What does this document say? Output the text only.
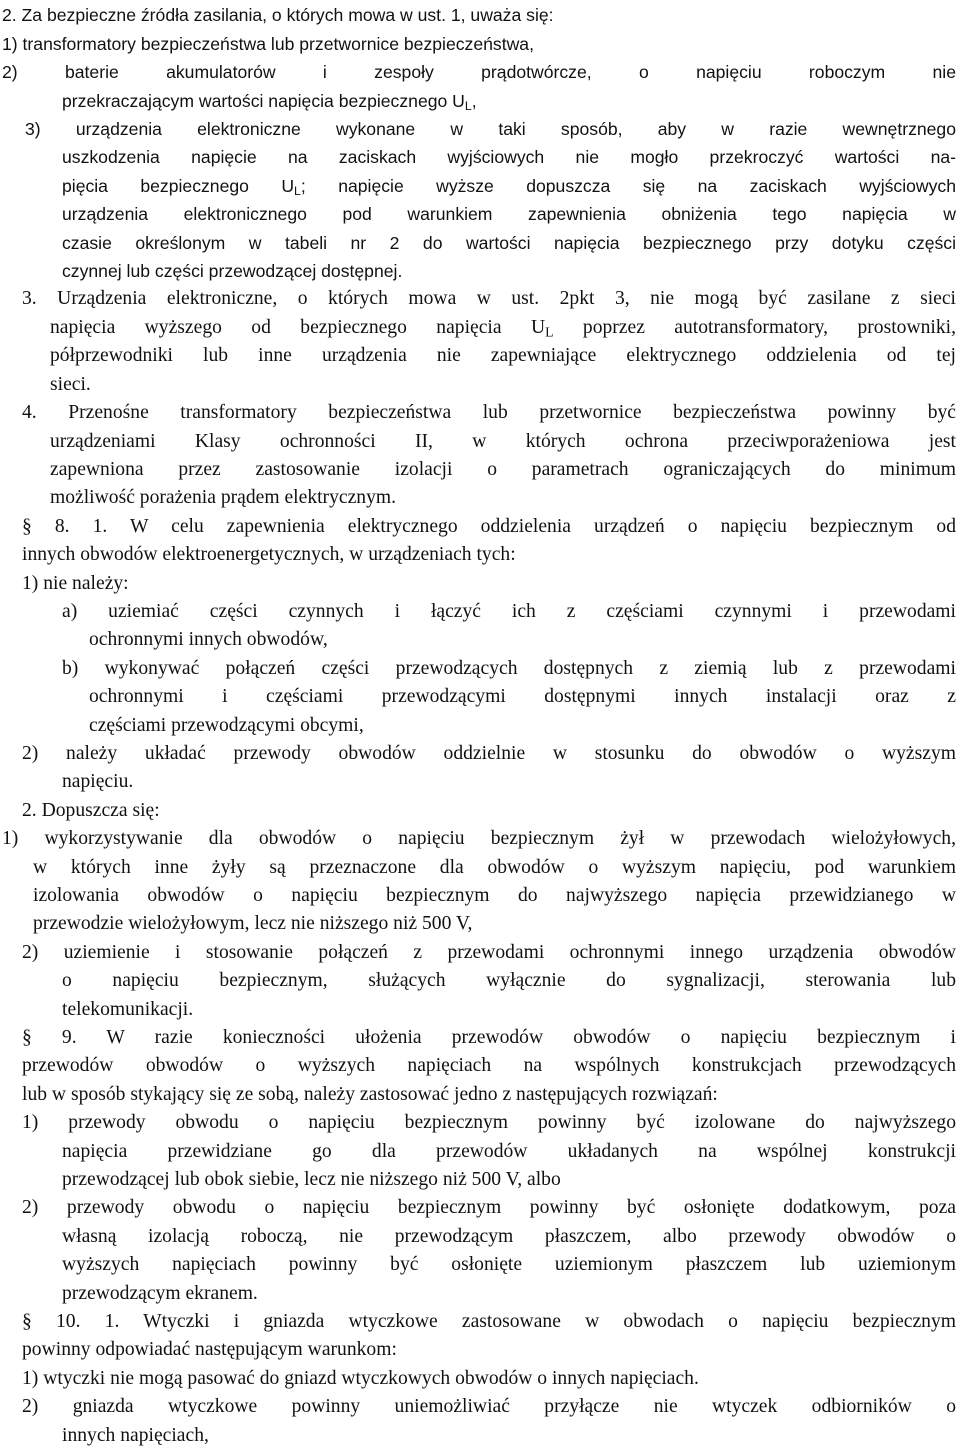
2. Za bezpieczne źródła zasilania, o których mowa w ust. 1, uważa się:
1) transformatory bezpieczeństwa lub przetwornice bezpieczeństwa,
2) baterie akumulatorów i zespoły prądotwórcze, o napięciu roboczym nie
przekraczającym wartości napięcia bezpiecznego $U_L$,
3) urządzenia elektroniczne wykonane w taki sposób, aby w razie wewnętrznego
uszkodzenia napięcie na zaciskach wyjściowych nie mogło przekroczyć wartości na-
pięcia bezpiecznego $U_L$; napięcie wyższe dopuszcza się na zaciskach wyjściowych
urządzenia elektronicznego pod warunkiem zapewnienia obniżenia tego napięcia w
czasie określonym w tabeli nr 2 do wartości napięcia bezpiecznego przy dotyku części
czynnej lub części przewodzącej dostępnej.
3. Urządzenia elektroniczne, o których mowa w ust. 2pkt 3, nie mogą być zasilane z sieci
napięcia wyższego od bezpiecznego napięcia $U_L$ poprzez autotransformatory, prostowniki,
półprzewodniki lub inne urządzenia nie zapewniające elektrycznego oddzielenia od tej
sieci.
4. Przenośne transformatory bezpieczeństwa lub przetwornice bezpieczeństwa powinny być
urządzeniami Klasy ochronności II, w których ochrona przeciwporażeniowa jest
zapewniona przez zastosowanie izolacji o parametrach ograniczających do minimum
możliwość porażenia prądem elektrycznym.
§ 8. 1. W celu zapewnienia elektrycznego oddzielenia urządzeń o napięciu bezpiecznym od
innych obwodów elektroenergetycznych, w urządzeniach tych:
1) nie należy:
a) uziemiać części czynnych i łączyć ich z częściami czynnymi i przewodami
ochronnymi innych obwodów,
b) wykonywać połączeń części przewodzących dostępnych z ziemią lub z przewodami
ochronnymi i częściami przewodzącymi dostępnymi innych instalacji oraz z
częściami przewodzącymi obcymi,
2) należy układać przewody obwodów oddzielnie w stosunku do obwodów o wyższym
napięciu.
2. Dopuszcza się:
1) wykorzystywanie dla obwodów o napięciu bezpiecznym żył w przewodach wielożyłowych,
w których inne żyły są przeznaczone dla obwodów o wyższym napięciu, pod warunkiem
izolowania obwodów o napięciu bezpiecznym do najwyższego napięcia przewidzianego w
przewodzie wielożyłowym, lecz nie niższego niż 500 V,
2) uziemienie i stosowanie połączeń z przewodami ochronnymi innego urządzenia obwodów
o napięciu bezpiecznym, służących wyłącznie do sygnalizacji, sterowania lub
telekomunikacji.
§ 9. W razie konieczności ułożenia przewodów obwodów o napięciu bezpiecznym i
przewodów obwodów o wyższych napięciach na wspólnych konstrukcjach przewodzących
lub w sposób stykający się ze sobą, należy zastosować jedno z następujących rozwiązań:
1) przewody obwodu o napięciu bezpiecznym powinny być izolowane do najwyższego
napięcia przewidziane go dla przewodów układanych na wspólnej konstrukcji
przewodzącej lub obok siebie, lecz nie niższego niż 500 V, albo
2) przewody obwodu o napięciu bezpiecznym powinny być osłonięte dodatkowym, poza
własną izolacją roboczą, nie przewodzącym płaszczem, albo przewody obwodów o
wyższych napięciach powinny być osłonięte uziemionym płaszczem lub uziemionym
przewodzącym ekranem.
§ 10. 1. Wtyczki i gniazda wtyczkowe zastosowane w obwodach o napięciu bezpiecznym
powinny odpowiadać następującym warunkom:
1) wtyczki nie mogą pasować do gniazd wtyczkowych obwodów o innych napięciach.
2) gniazda wtyczkowe powinny uniemożliwiać przyłącze nie wtyczek odbiorników o
innych napięciach,
